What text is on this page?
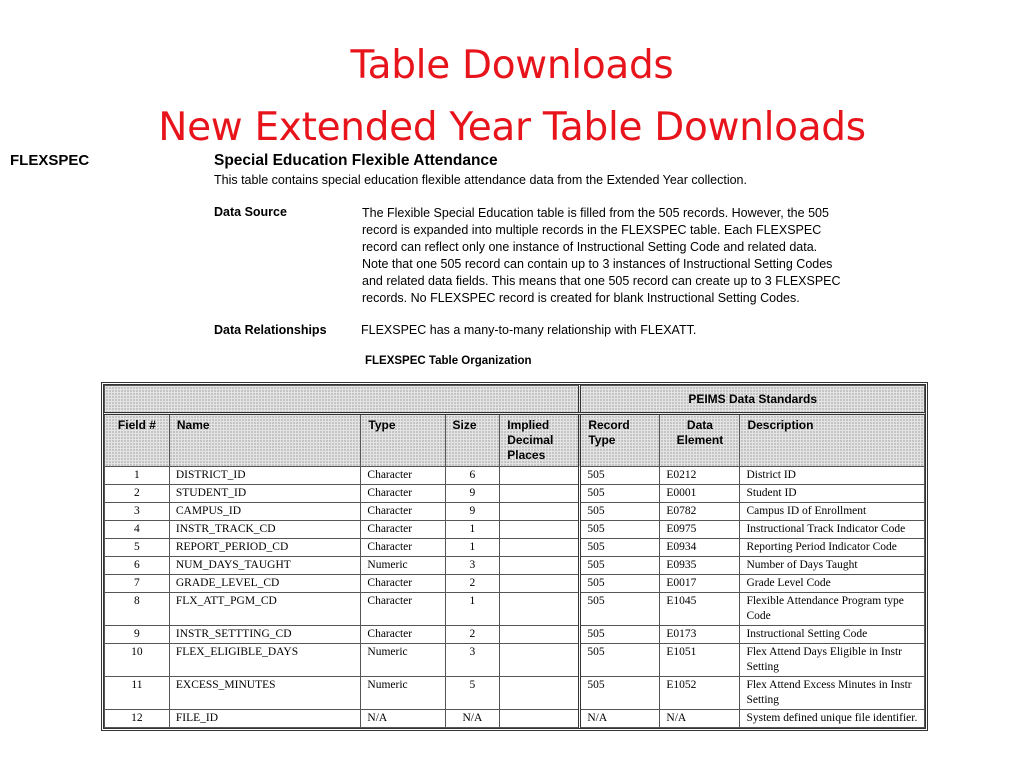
Table Downloads
New Extended Year Table Downloads
FLEXSPEC	Special Education Flexible Attendance
This table contains special education flexible attendance data from the Extended Year collection.
Data Source	The Flexible Special Education table is filled from the 505 records. However, the 505
record is expanded into multiple records in the FLEXSPEC table. Each FLEXSPEC
record can reflect only one instance of Instructional Setting Code and related data.
Note that one 505 record can contain up to 3 instances of Instructional Setting Codes
and related data fields. This means that one 505 record can create up to 3 FLEXSPEC
records. No FLEXSPEC record is created for blank Instructional Setting Codes.
Data Relationships	FLEXSPEC has a many-to-many relationship with FLEXATT.
FLEXSPEC Table Organization
					PEIMS Data Standards		
Field #	Name	Type	Size	Implied Decimal Places	Record Type	Data Element	Description
1	DISTRICT_ID	Character	6		505	E0212	District ID
2	STUDENT_ID	Character	9		505	E0001	Student ID
3	CAMPUS_ID	Character	9		505	E0782	Campus ID of Enrollment
4	INSTR_TRACK_CD	Character	1		505	E0975	Instructional Track Indicator Code
5	REPORT_PERIOD_CD	Character	1		505	E0934	Reporting Period Indicator Code
6	NUM_DAYS_TAUGHT	Numeric	3		505	E0935	Number of Days Taught
7	GRADE_LEVEL_CD	Character	2		505	E0017	Grade Level Code
8	FLX_ATT_PGM_CD	Character	1		505	E1045	Flexible Attendance Program type Code
9	INSTR_SETTTING_CD	Character	2		505	E0173	Instructional Setting Code
10	FLEX_ELIGIBLE_DAYS	Numeric	3		505	E1051	Flex Attend Days Eligible in Instr Setting
11	EXCESS_MINUTES	Numeric	5		505	E1052	Flex Attend Excess Minutes in Instr Setting
12	FILE_ID	N/A	N/A		N/A	N/A	System defined unique file identifier.
